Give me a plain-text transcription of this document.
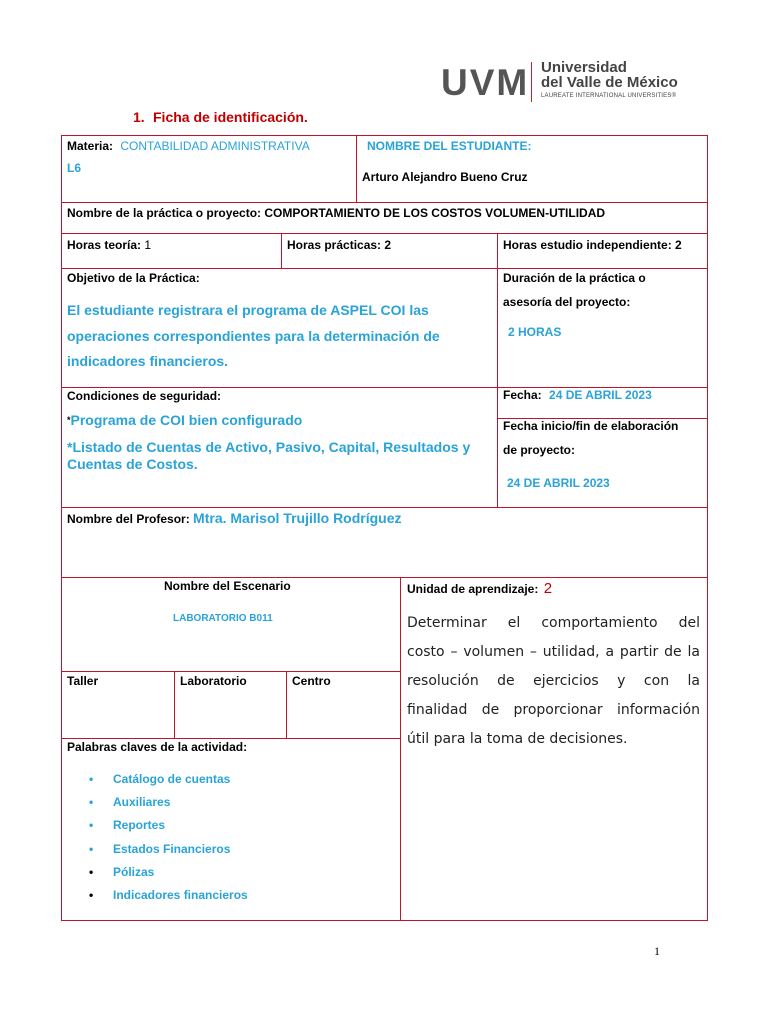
UVM Universidad
del Valle de México
LAUREATE INTERNATIONAL UNIVERSITIES®
1. Ficha de identificación.
Materia: CONTABILIDAD ADMINISTRATIVA
L6
NOMBRE DEL ESTUDIANTE:
Arturo Alejandro Bueno Cruz
Nombre de la práctica o proyecto: COMPORTAMIENTO DE LOS COSTOS VOLUMEN-UTILIDAD
Horas teoría: 1	Horas prácticas: 2	Horas estudio independiente: 2
Objetivo de la Práctica:
El estudiante registrara el programa de ASPEL COI las
operaciones correspondientes para la determinación de
indicadores financieros.
Duración de la práctica o
asesoría del proyecto:
2 HORAS
Condiciones de seguridad:
*Programa de COI bien configurado
*Listado de Cuentas de Activo, Pasivo, Capital, Resultados y
Cuentas de Costos.
Fecha: 24 DE ABRIL 2023
Fecha inicio/fin de elaboración
de proyecto:
24 DE ABRIL 2023
Nombre del Profesor: Mtra. Marisol Trujillo Rodríguez
Nombre del Escenario
LABORATORIO B011
Taller	Laboratorio	Centro
Unidad de aprendizaje: 2
Determinar el comportamiento del
costo – volumen – utilidad, a partir de la
resolución de ejercicios y con la
finalidad de proporcionar información
útil para la toma de decisiones.
Palabras claves de la actividad:
• Catálogo de cuentas
• Auxiliares
• Reportes
• Estados Financieros
• Pólizas
• Indicadores financieros
1
